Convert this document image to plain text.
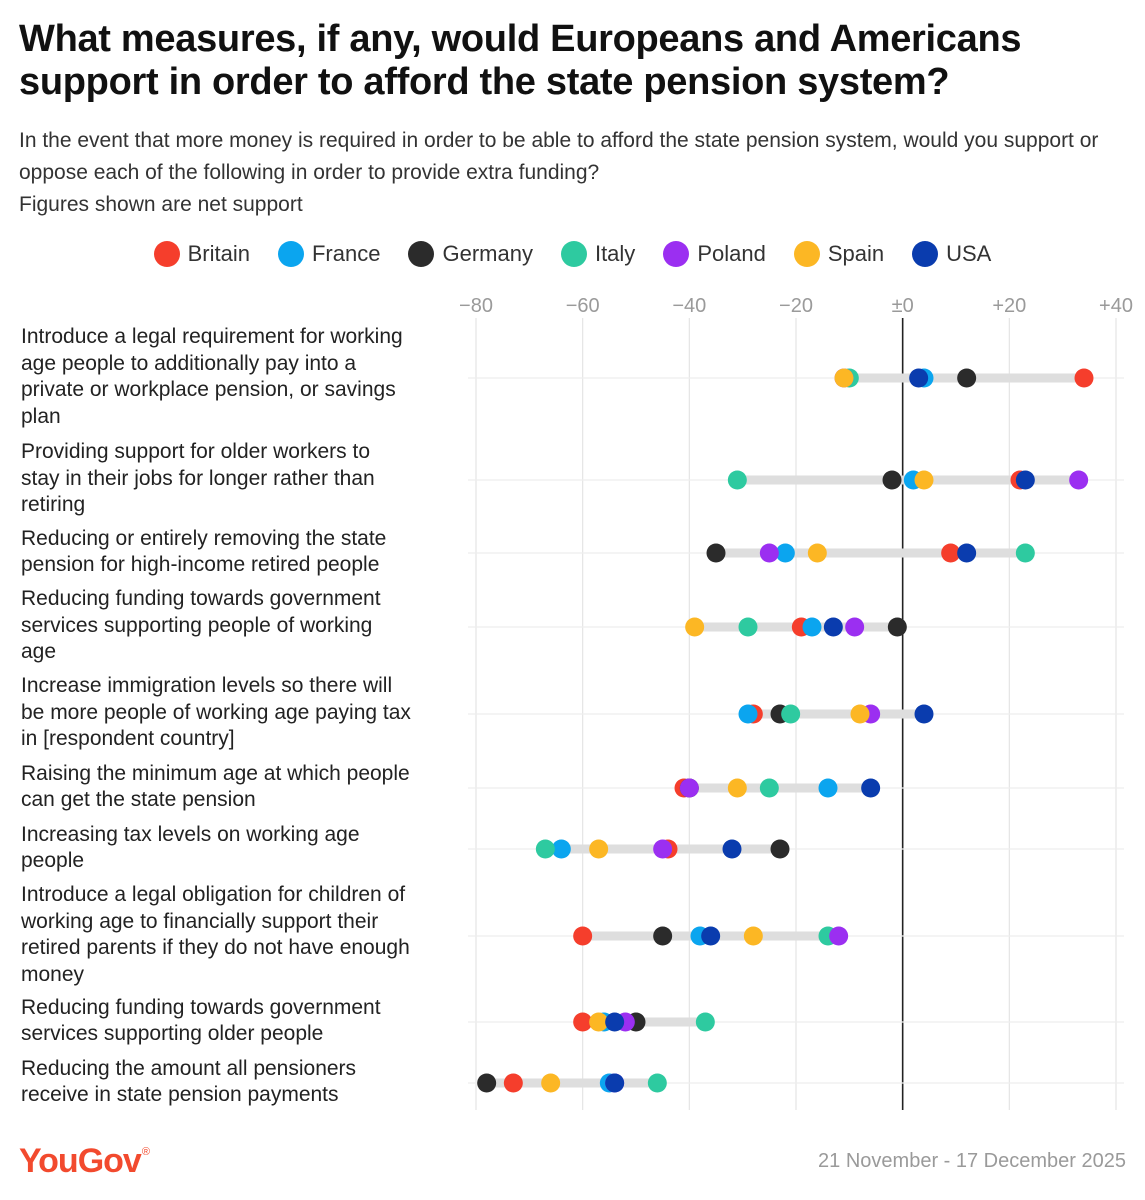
What measures, if any, would Europeans and Americans support in order to afford the state pension system?
In the event that more money is required in order to be able to afford the state pension system, would you support or oppose each of the following in order to provide extra funding?
Figures shown are net support
Britain	France	Germany	Italy	Poland	Spain	USA
Introduce a legal requirement for working
age people to additionally pay into a
private or workplace pension, or savings
plan
Providing support for older workers to
stay in their jobs for longer rather than
retiring
Reducing or entirely removing the state
pension for high-income retired people
Reducing funding towards government
services supporting people of working
age
Increase immigration levels so there will
be more people of working age paying tax
in [respondent country]
Raising the minimum age at which people
can get the state pension
Increasing tax levels on working age
people
Introduce a legal obligation for children of
working age to financially support their
retired parents if they do not have enough
money
Reducing funding towards government
services supporting older people
Reducing the amount all pensioners
receive in state pension payments
−80	−60	−40	−20	±0	+20	+40
YouGov®	21 November - 17 December 2025
